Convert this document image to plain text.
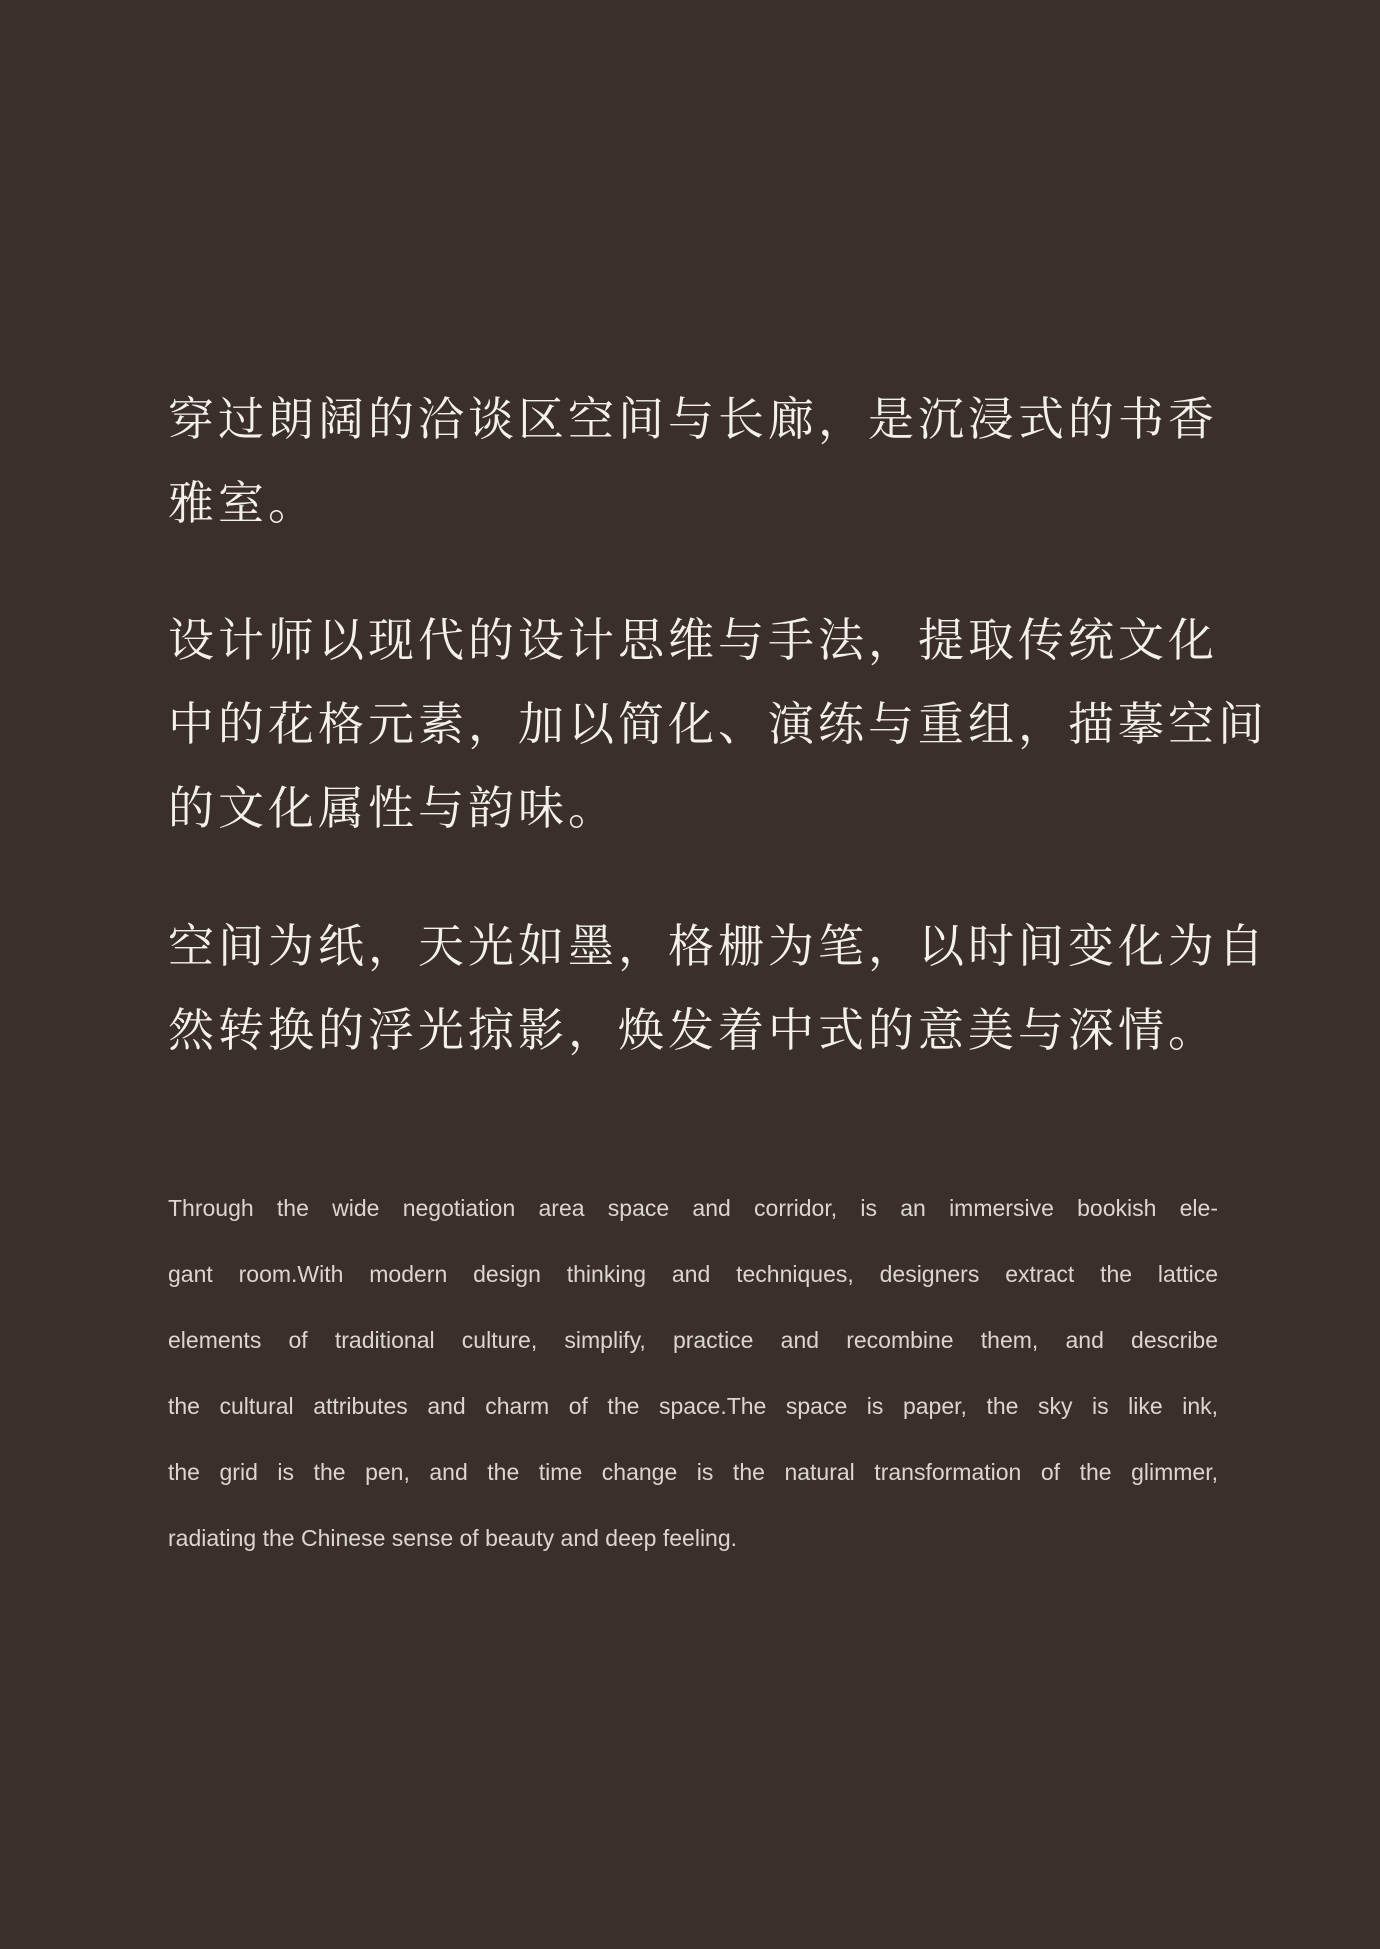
穿过朗阔的洽谈区空间与长廊，是沉浸式的书香
雅室。
设计师以现代的设计思维与手法，提取传统文化
中的花格元素，加以简化、演练与重组，描摹空间
的文化属性与韵味。
空间为纸，天光如墨，格栅为笔，以时间变化为自
然转换的浮光掠影，焕发着中式的意美与深情。
Through the wide negotiation area space and corridor, is an immersive bookish ele-
gant room.With modern design thinking and techniques, designers extract the lattice
elements of traditional culture, simplify, practice and recombine them, and describe
the cultural attributes and charm of the space.The space is paper, the sky is like ink,
the grid is the pen, and the time change is the natural transformation of the glimmer,
radiating the Chinese sense of beauty and deep feeling.
